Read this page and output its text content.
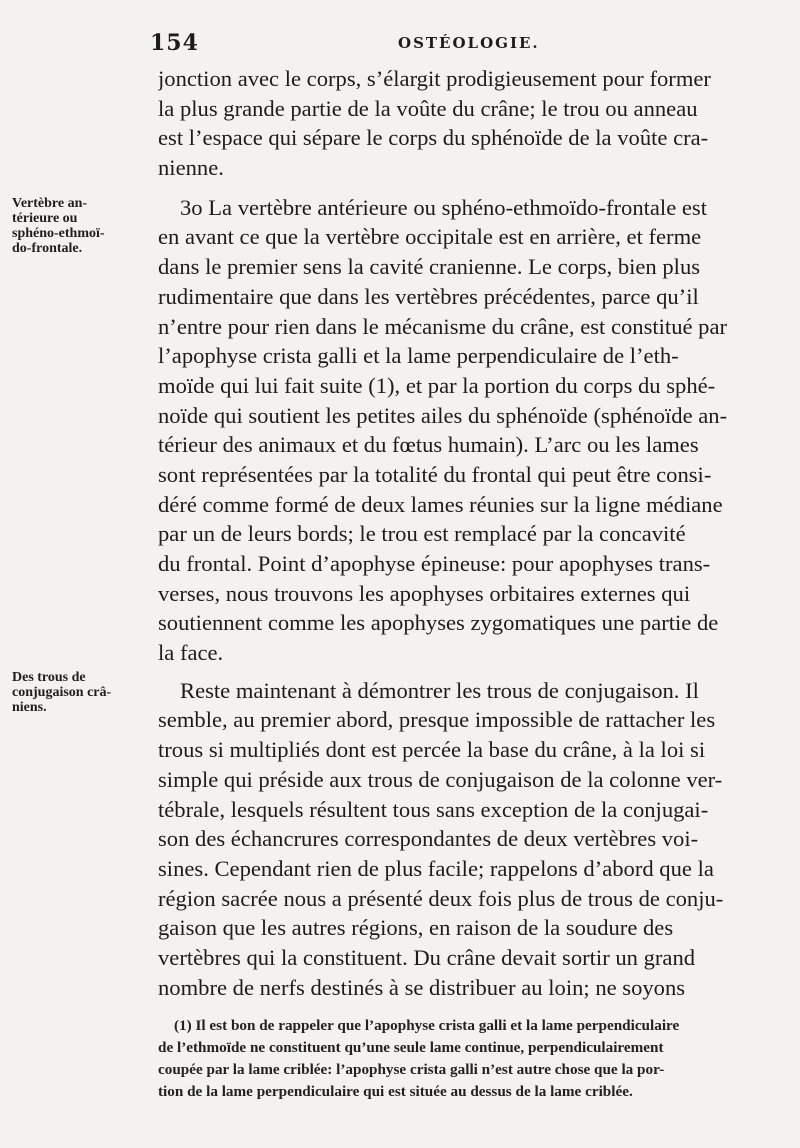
154	OSTÉOLOGIE.
Vertèbre an-
térieure ou
sphéno-ethmoï-
do-frontale.
Des trous de
conjugaison crâ-
niens.
jonction avec le corps, s’élargit prodigieusement pour former
la plus grande partie de la voûte du crâne; le trou ou anneau
est l’espace qui sépare le corps du sphénoïde de la voûte cra-
nienne.
3o La vertèbre antérieure ou sphéno-ethmoïdo-frontale est
en avant ce que la vertèbre occipitale est en arrière, et ferme
dans le premier sens la cavité cranienne. Le corps, bien plus
rudimentaire que dans les vertèbres précédentes, parce qu’il
n’entre pour rien dans le mécanisme du crâne, est constitué par
l’apophyse crista galli et la lame perpendiculaire de l’eth-
moïde qui lui fait suite (1), et par la portion du corps du sphé-
noïde qui soutient les petites ailes du sphénoïde (sphénoïde an-
térieur des animaux et du fœtus humain). L’arc ou les lames
sont représentées par la totalité du frontal qui peut être consi-
déré comme formé de deux lames réunies sur la ligne médiane
par un de leurs bords; le trou est remplacé par la concavité
du frontal. Point d’apophyse épineuse: pour apophyses trans-
verses, nous trouvons les apophyses orbitaires externes qui
soutiennent comme les apophyses zygomatiques une partie de
la face.
Reste maintenant à démontrer les trous de conjugaison. Il
semble, au premier abord, presque impossible de rattacher les
trous si multipliés dont est percée la base du crâne, à la loi si
simple qui préside aux trous de conjugaison de la colonne ver-
tébrale, lesquels résultent tous sans exception de la conjugai-
son des échancrures correspondantes de deux vertèbres voi-
sines. Cependant rien de plus facile; rappelons d’abord que la
région sacrée nous a présenté deux fois plus de trous de conju-
gaison que les autres régions, en raison de la soudure des
vertèbres qui la constituent. Du crâne devait sortir un grand
nombre de nerfs destinés à se distribuer au loin; ne soyons
(1) Il est bon de rappeler que l’apophyse crista galli et la lame perpendiculaire
de l’ethmoïde ne constituent qu’une seule lame continue, perpendiculairement
coupée par la lame criblée: l’apophyse crista galli n’est autre chose que la por-
tion de la lame perpendiculaire qui est située au dessus de la lame criblée.
